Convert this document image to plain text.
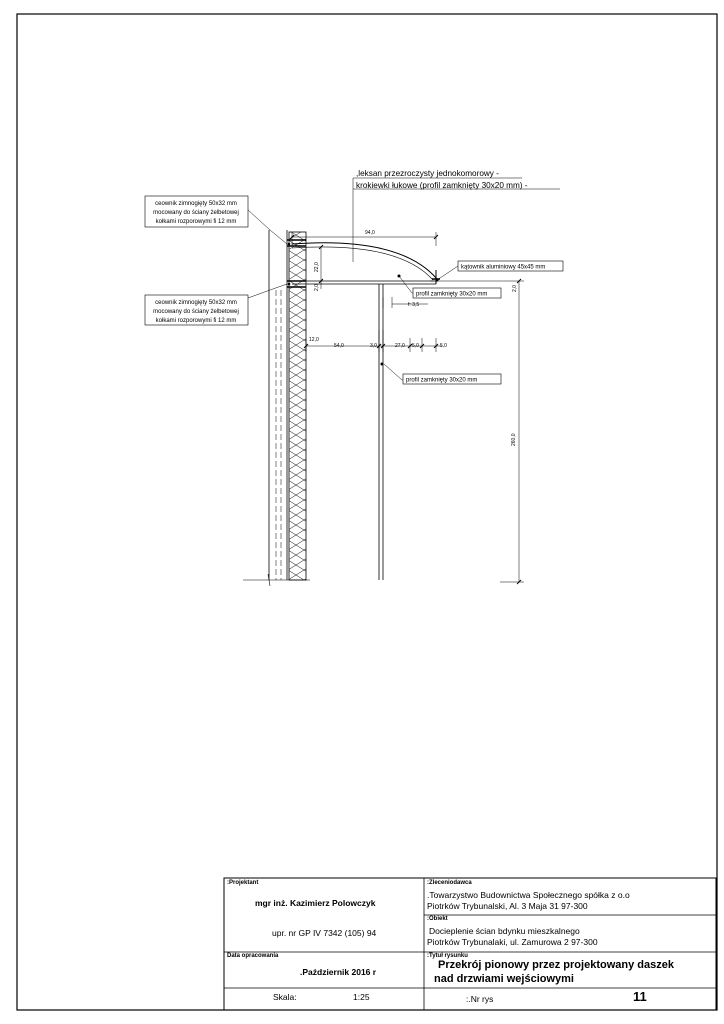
94,0
22,0
2,0	2,0
f: 3,5
12,0
54,0	3,0	27,0 5,0	5,0
260,0
,leksan przezroczysty jednokomorowy -
krokiewki łukowe (profil zamknięty 30x20 mm) -
ceownik zimnogięty 50x32 mm
mocowany do ściany żelbetowej
kołkami rozporowymi fi 12 mm
ceownik zimnogięty 50x32 mm
mocowany do ściany żelbetowej
kołkami rozporowymi fi 12 mm
kątownik aluminiowy 45x45 mm
profil zamknięty 30x20 mm
profil zamknięty 30x20 mm
:Projektant
mgr inż. Kazimierz Polowczyk
upr. nr GP IV 7342 (105) 94
:Zleceniodawca
.Towarzystwo Budownictwa Społecznego spółka z o.o
Piotrków Trybunalski, Al. 3 Maja 31 97-300
:Obiekt
Docieplenie ścian bdynku mieszkalnego
Piotrków Trybunalaki, ul. Zamurowa 2 97-300
Data opracowania
.Październik 2016 r
:Tytuł rysunku
Przekrój pionowy przez projektowany daszek
nad drzwiami wejściowymi
Skala:	1:25	:.Nr rys	11
